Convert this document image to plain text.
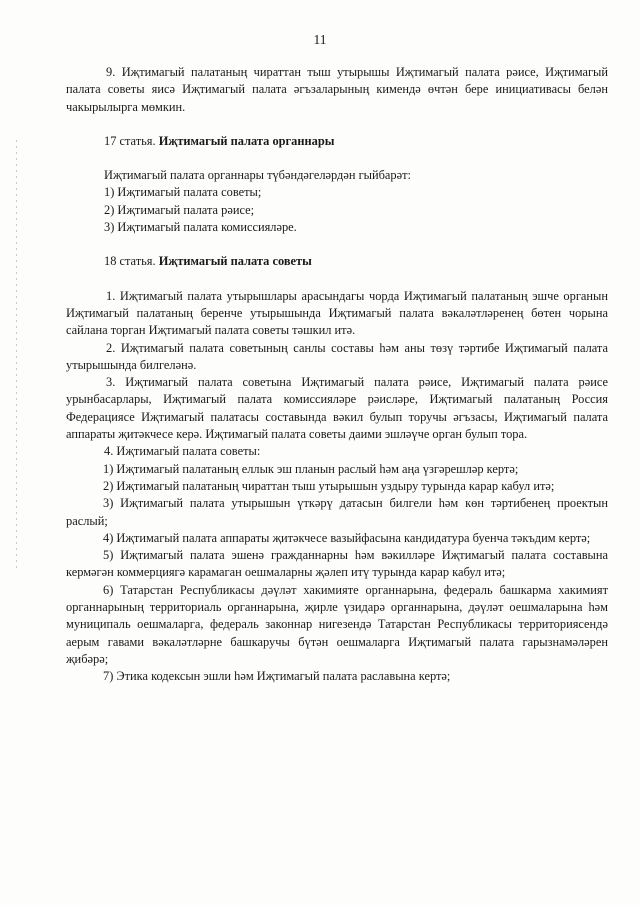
11

9. Иҗтимагый палатаның чираттан тыш утырышы Иҗтимагый палата рәисе, Иҗтимагый палата советы яисә Иҗтимагый палата әгъзаларының кимендә өчтән бере инициативасы белән чакырылырга мөмкин.

17 статья. Иҗтимагый палата органнары

Иҗтимагый палата органнары түбәндәгеләрдән гыйбарәт:

1) Иҗтимагый палата советы;

2) Иҗтимагый палата рәисе;

3) Иҗтимагый палата комиссияләре.

18 статья. Иҗтимагый палата советы

1. Иҗтимагый палата утырышлары арасындагы чорда Иҗтимагый палатаның эшче органын Иҗтимагый палатаның беренче утырышында Иҗтимагый палата вәкаләтләренең бөтен чорына сайлана торган Иҗтимагый палата советы тәшкил итә.

2. Иҗтимагый палата советының санлы составы һәм аны төзү тәртибе Иҗтимагый палата утырышында билгеләнә.

3. Иҗтимагый палата советына Иҗтимагый палата рәисе, Иҗтимагый палата рәисе урынбасарлары, Иҗтимагый палата комиссияләре рәисләре, Иҗтимагый палатаның Россия Федерациясе Иҗтимагый палатасы составында вәкил булып торучы әгъзасы, Иҗтимагый палата аппараты җитәкчесе керә. Иҗтимагый палата советы даими эшләүче орган булып тора.

4. Иҗтимагый палата советы:

1) Иҗтимагый палатаның еллык эш планын раслый һәм аңа үзгәрешләр кертә;

2) Иҗтимагый палатаның чираттан тыш утырышын уздыру турында карар кабул итә;

3) Иҗтимагый палата утырышын үткәрү датасын билгели һәм көн тәртибенең проектын раслый;

4) Иҗтимагый палата аппараты җитәкчесе вазыйфасына кандидатура буенча тәкъдим кертә;

5) Иҗтимагый палата эшенә гражданнарны һәм вәкилләре Иҗтимагый палата составына кермәгән коммерциягә карамаган оешмаларны җәлеп итү турында карар кабул итә;

6) Татарстан Республикасы дәүләт хакимияте органнарына, федераль башкарма хакимият органнарының территориаль органнарына, җирле үзидарә органнарына, дәүләт оешмаларына һәм муниципаль оешмаларга, федераль законнар нигезендә Татарстан Республикасы территориясендә аерым гавами вәкаләтләрне башкаручы бүтән оешмаларга Иҗтимагый палата гарызнамәләрен җибәрә;

7) Этика кодексын эшли һәм Иҗтимагый палата раславына кертә;
